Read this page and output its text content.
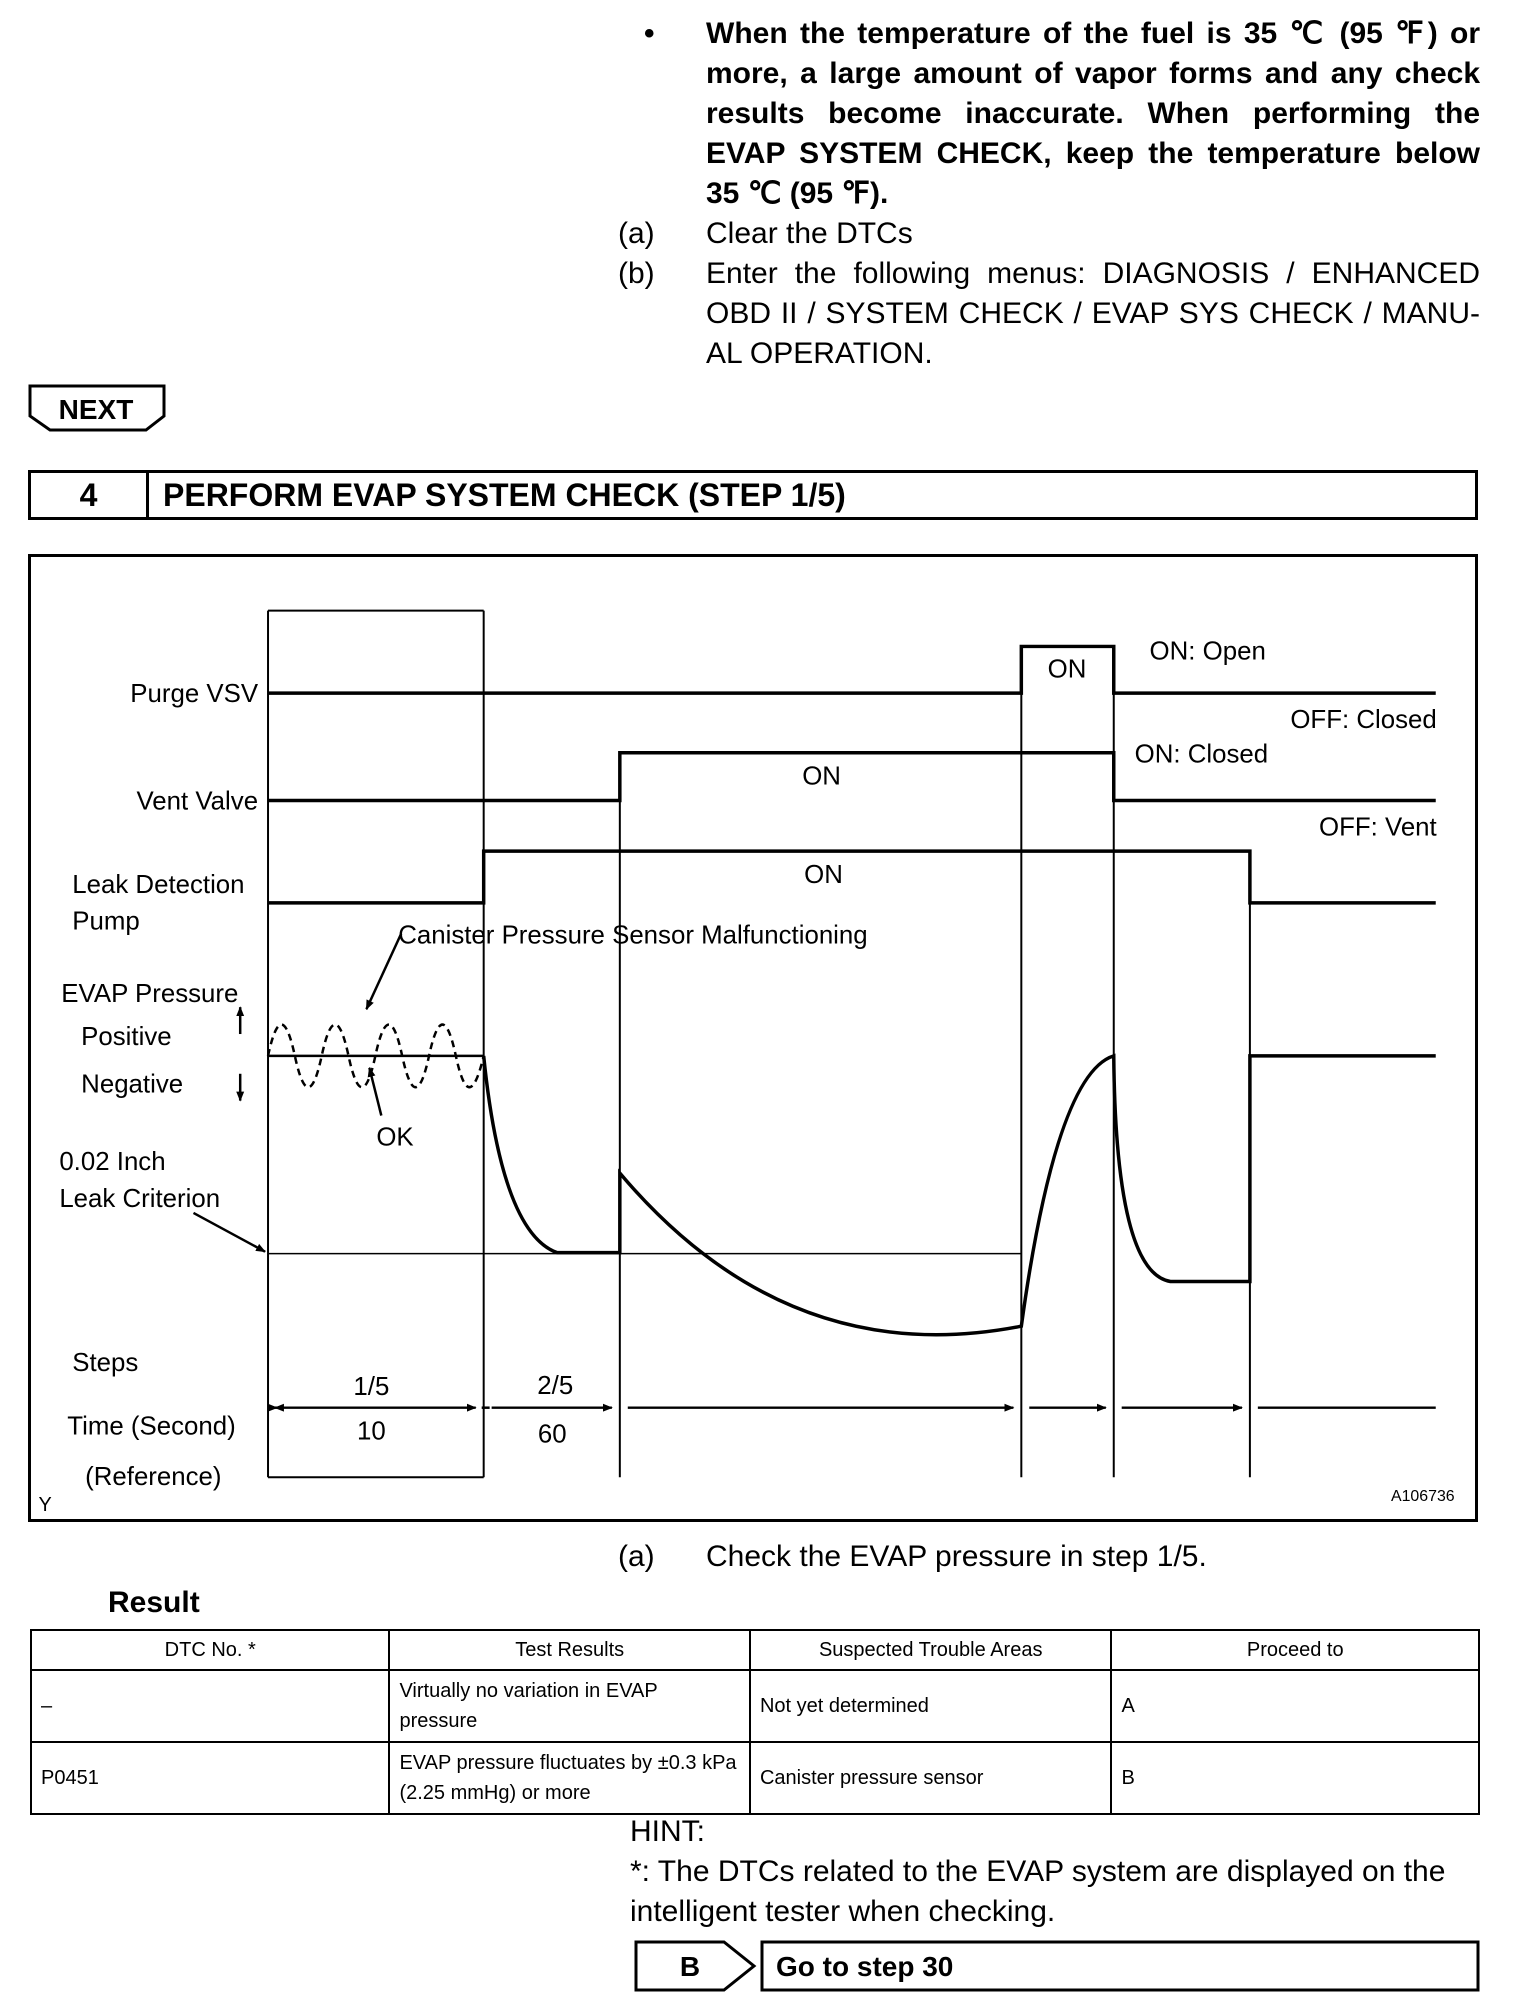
•	When the temperature of the fuel is 35 ℃ (95 ℉) or more, a large amount of vapor forms and any check results become inaccurate. When performing the EVAP SYSTEM CHECK, keep the temperature below 35 ℃ (95 ℉).
(a)	Clear the DTCs
(b)	Enter the following menus: DIAGNOSIS / ENHANCED OBD II / SYSTEM CHECK / EVAP SYS CHECK / MANU- AL OPERATION.
NEXT
4	PERFORM EVAP SYSTEM CHECK (STEP 1/5)
Purge VSV
Vent Valve
Leak Detection
Pump
EVAP Pressure
Positive
Negative
0.02 Inch
Leak Criterion
Steps
Time (Second)
(Reference)
ON
ON: Open
OFF: Closed
ON
ON: Closed
OFF: Vent
ON
Canister Pressure Sensor Malfunctioning
OK
1/5	2/5
10	60
A106736
Y
(a) Check the EVAP pressure in step 1/5.
Result
DTC No. *	Test Results	Suspected Trouble Areas	Proceed to
–	Virtually no variation in EVAP pressure	Not yet determined	A
P0451	EVAP pressure fluctuates by ±0.3 kPa (2.25 mmHg) or more	Canister pressure sensor	B
HINT:
*: The DTCs related to the EVAP system are displayed on the intelligent tester when checking.
B	Go to step 30
